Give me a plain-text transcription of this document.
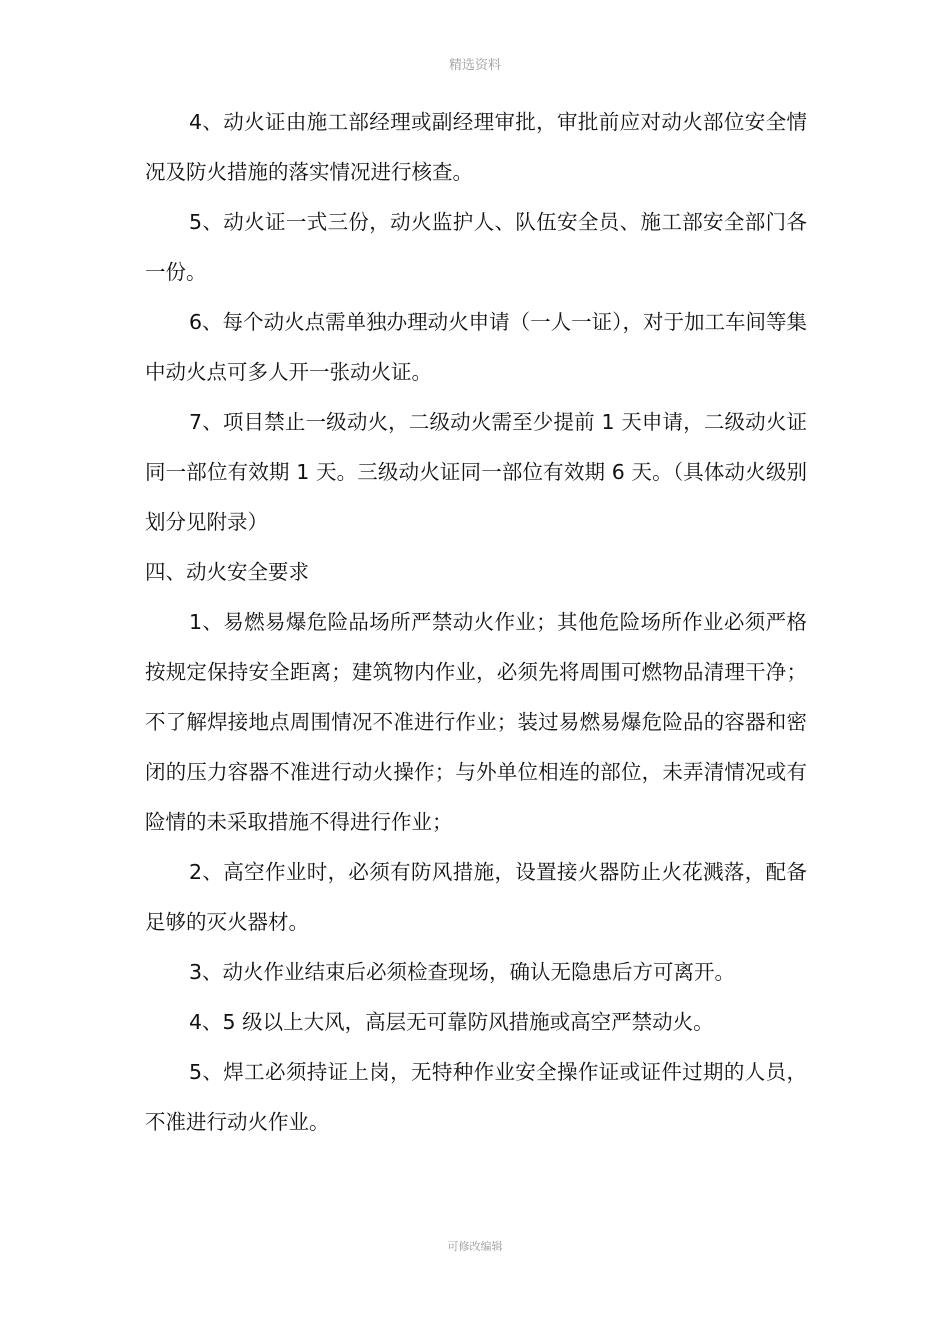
精选资料

4、动火证由施工部经理或副经理审批，审批前应对动火部位安全情况及防火措施的落实情况进行核查。

5、动火证一式三份，动火监护人、队伍安全员、施工部安全部门各一份。

6、每个动火点需单独办理动火申请（一人一证），对于加工车间等集中动火点可多人开一张动火证。

7、项目禁止一级动火，二级动火需至少提前 1 天申请，二级动火证同一部位有效期 1 天。三级动火证同一部位有效期 6 天。（具体动火级别划分见附录）

四、动火安全要求

1、易燃易爆危险品场所严禁动火作业；其他危险场所作业必须严格按规定保持安全距离；建筑物内作业，必须先将周围可燃物品清理干净；不了解焊接地点周围情况不准进行作业；装过易燃易爆危险品的容器和密闭的压力容器不准进行动火操作；与外单位相连的部位，未弄清情况或有险情的未采取措施不得进行作业；

2、高空作业时，必须有防风措施，设置接火器防止火花溅落，配备足够的灭火器材。

3、动火作业结束后必须检查现场，确认无隐患后方可离开。

4、5 级以上大风，高层无可靠防风措施或高空严禁动火。

5、焊工必须持证上岗，无特种作业安全操作证或证件过期的人员，不准进行动火作业。

可修改编辑
